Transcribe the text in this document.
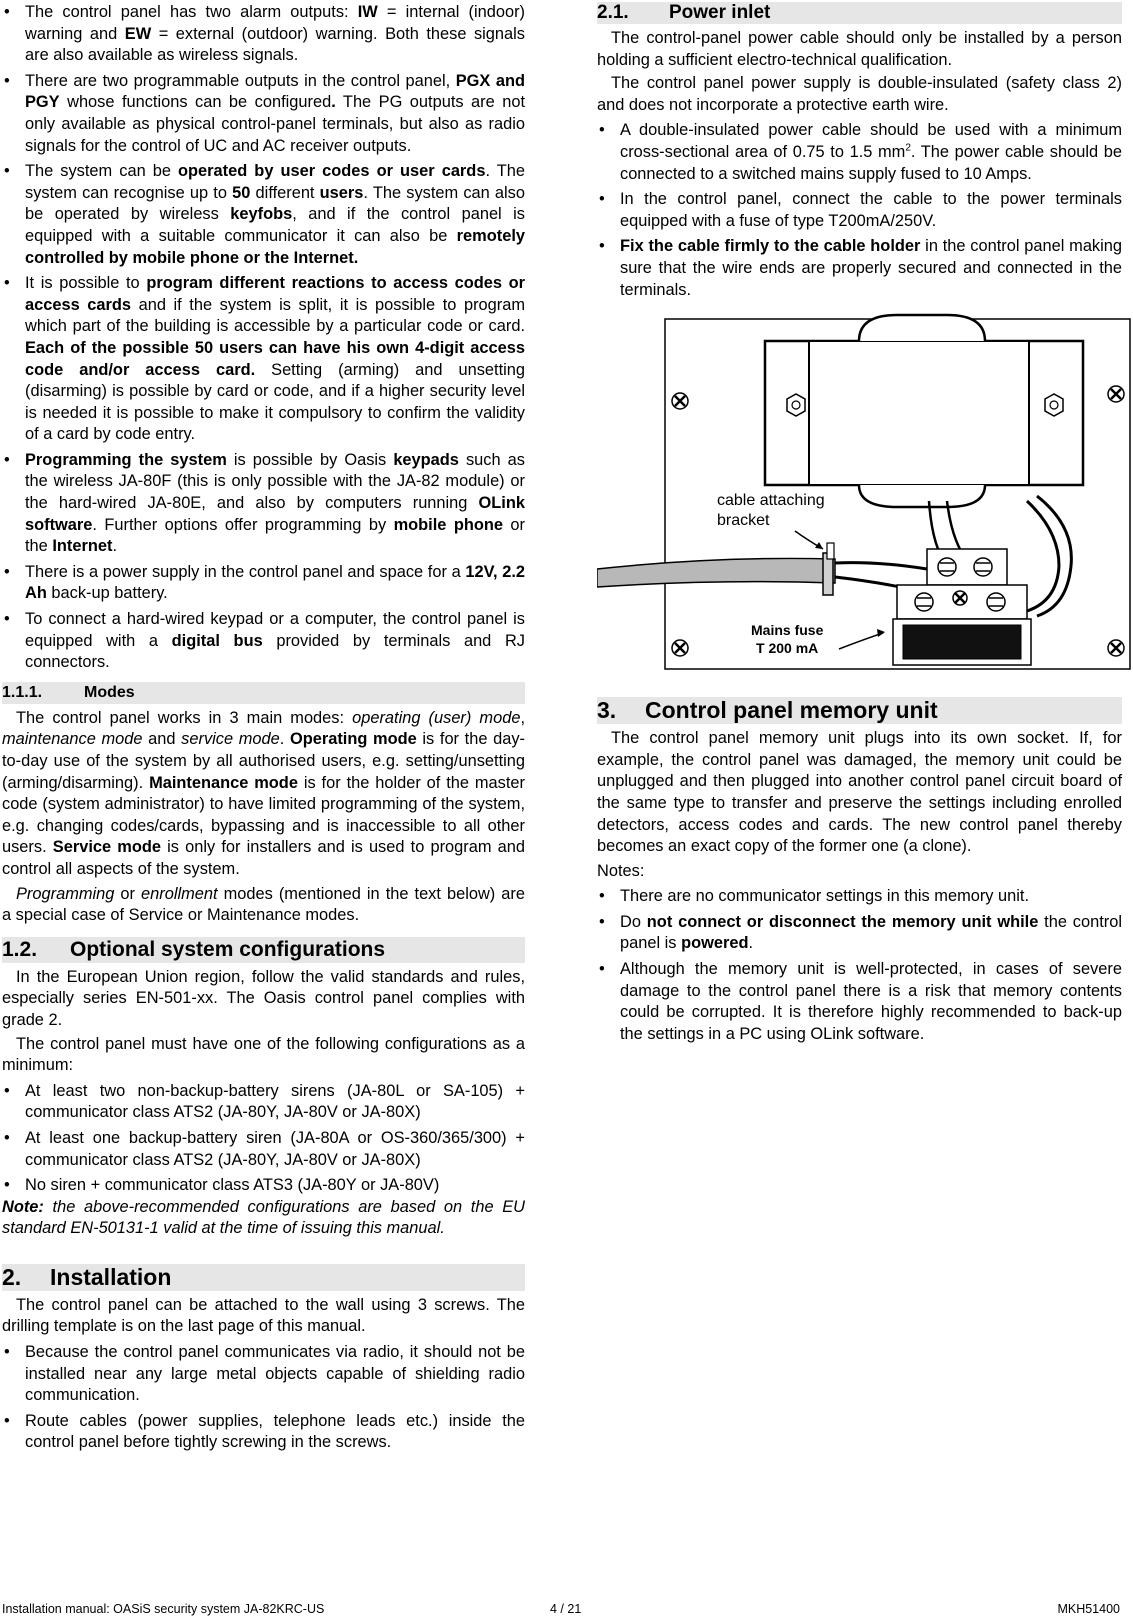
• The control panel has two alarm outputs: IW = internal (indoor) warning and EW = external (outdoor) warning. Both these signals are also available as wireless signals.
• There are two programmable outputs in the control panel, PGX and PGY whose functions can be configured. The PG outputs are not only available as physical control-panel terminals, but also as radio signals for the control of UC and AC receiver outputs.
• The system can be operated by user codes or user cards. The system can recognise up to 50 different users. The system can also be operated by wireless keyfobs, and if the control panel is equipped with a suitable communicator it can also be remotely controlled by mobile phone or the Internet.
• It is possible to program different reactions to access codes or access cards and if the system is split, it is possible to program which part of the building is accessible by a particular code or card. Each of the possible 50 users can have his own 4-digit access code and/or access card. Setting (arming) and unsetting (disarming) is possible by card or code, and if a higher security level is needed it is possible to make it compulsory to confirm the validity of a card by code entry.
• Programming the system is possible by Oasis keypads such as the wireless JA-80F (this is only possible with the JA-82 module) or the hard-wired JA-80E, and also by computers running OLink software. Further options offer programming by mobile phone or the Internet.
• There is a power supply in the control panel and space for a 12V, 2.2 Ah back-up battery.
• To connect a hard-wired keypad or a computer, the control panel is equipped with a digital bus provided by terminals and RJ connectors.
1.1.1.	Modes

The control panel works in 3 main modes: operating (user) mode, maintenance mode and service mode. Operating mode is for the day-to-day use of the system by all authorised users, e.g. setting/unsetting (arming/disarming). Maintenance mode is for the holder of the master code (system administrator) to have limited programming of the system, e.g. changing codes/cards, bypassing and is inaccessible to all other users. Service mode is only for installers and is used to program and control all aspects of the system.

Programming or enrollment modes (mentioned in the text below) are a special case of Service or Maintenance modes.

1.2. Optional system configurations

In the European Union region, follow the valid standards and rules, especially series EN-501-xx. The Oasis control panel complies with grade 2.

The control panel must have one of the following configurations as a minimum:

• At least two non-backup-battery sirens (JA-80L or SA-105) + communicator class ATS2 (JA-80Y, JA-80V or JA-80X)
• At least one backup-battery siren (JA-80A or OS-360/365/300) + communicator class ATS2 (JA-80Y, JA-80V or JA-80X)
• No siren + communicator class ATS3 (JA-80Y or JA-80V)

Note: the above-recommended configurations are based on the EU standard EN-50131-1 valid at the time of issuing this manual.

2. Installation

The control panel can be attached to the wall using 3 screws. The drilling template is on the last page of this manual.

• Because the control panel communicates via radio, it should not be installed near any large metal objects capable of shielding radio communication.
• Route cables (power supplies, telephone leads etc.) inside the control panel before tightly screwing in the screws.
2.1. Power inlet

The control-panel power cable should only be installed by a person holding a sufficient electro-technical qualification.

The control panel power supply is double-insulated (safety class 2) and does not incorporate a protective earth wire.

• A double-insulated power cable should be used with a minimum cross-sectional area of 0.75 to 1.5 $mm^2$. The power cable should be connected to a switched mains supply fused to 10 Amps.
• In the control panel, connect the cable to the power terminals equipped with a fuse of type T200mA/250V.
• Fix the cable firmly to the cable holder in the control panel making sure that the wire ends are properly secured and connected in the terminals.
cable attaching
bracket
Mains fuse
T 200 mA
3. Control panel memory unit

The control panel memory unit plugs into its own socket. If, for example, the control panel was damaged, the memory unit could be unplugged and then plugged into another control panel circuit board of the same type to transfer and preserve the settings including enrolled detectors, access codes and cards. The new control panel thereby becomes an exact copy of the former one (a clone).

Notes:

• There are no communicator settings in this memory unit.
• Do not connect or disconnect the memory unit while the control panel is powered.
• Although the memory unit is well-protected, in cases of severe damage to the control panel there is a risk that memory contents could be corrupted. It is therefore highly recommended to back-up the settings in a PC using OLink software.
Installation manual: OASiS security system JA-82KRC-US	4 / 21	MKH51400
